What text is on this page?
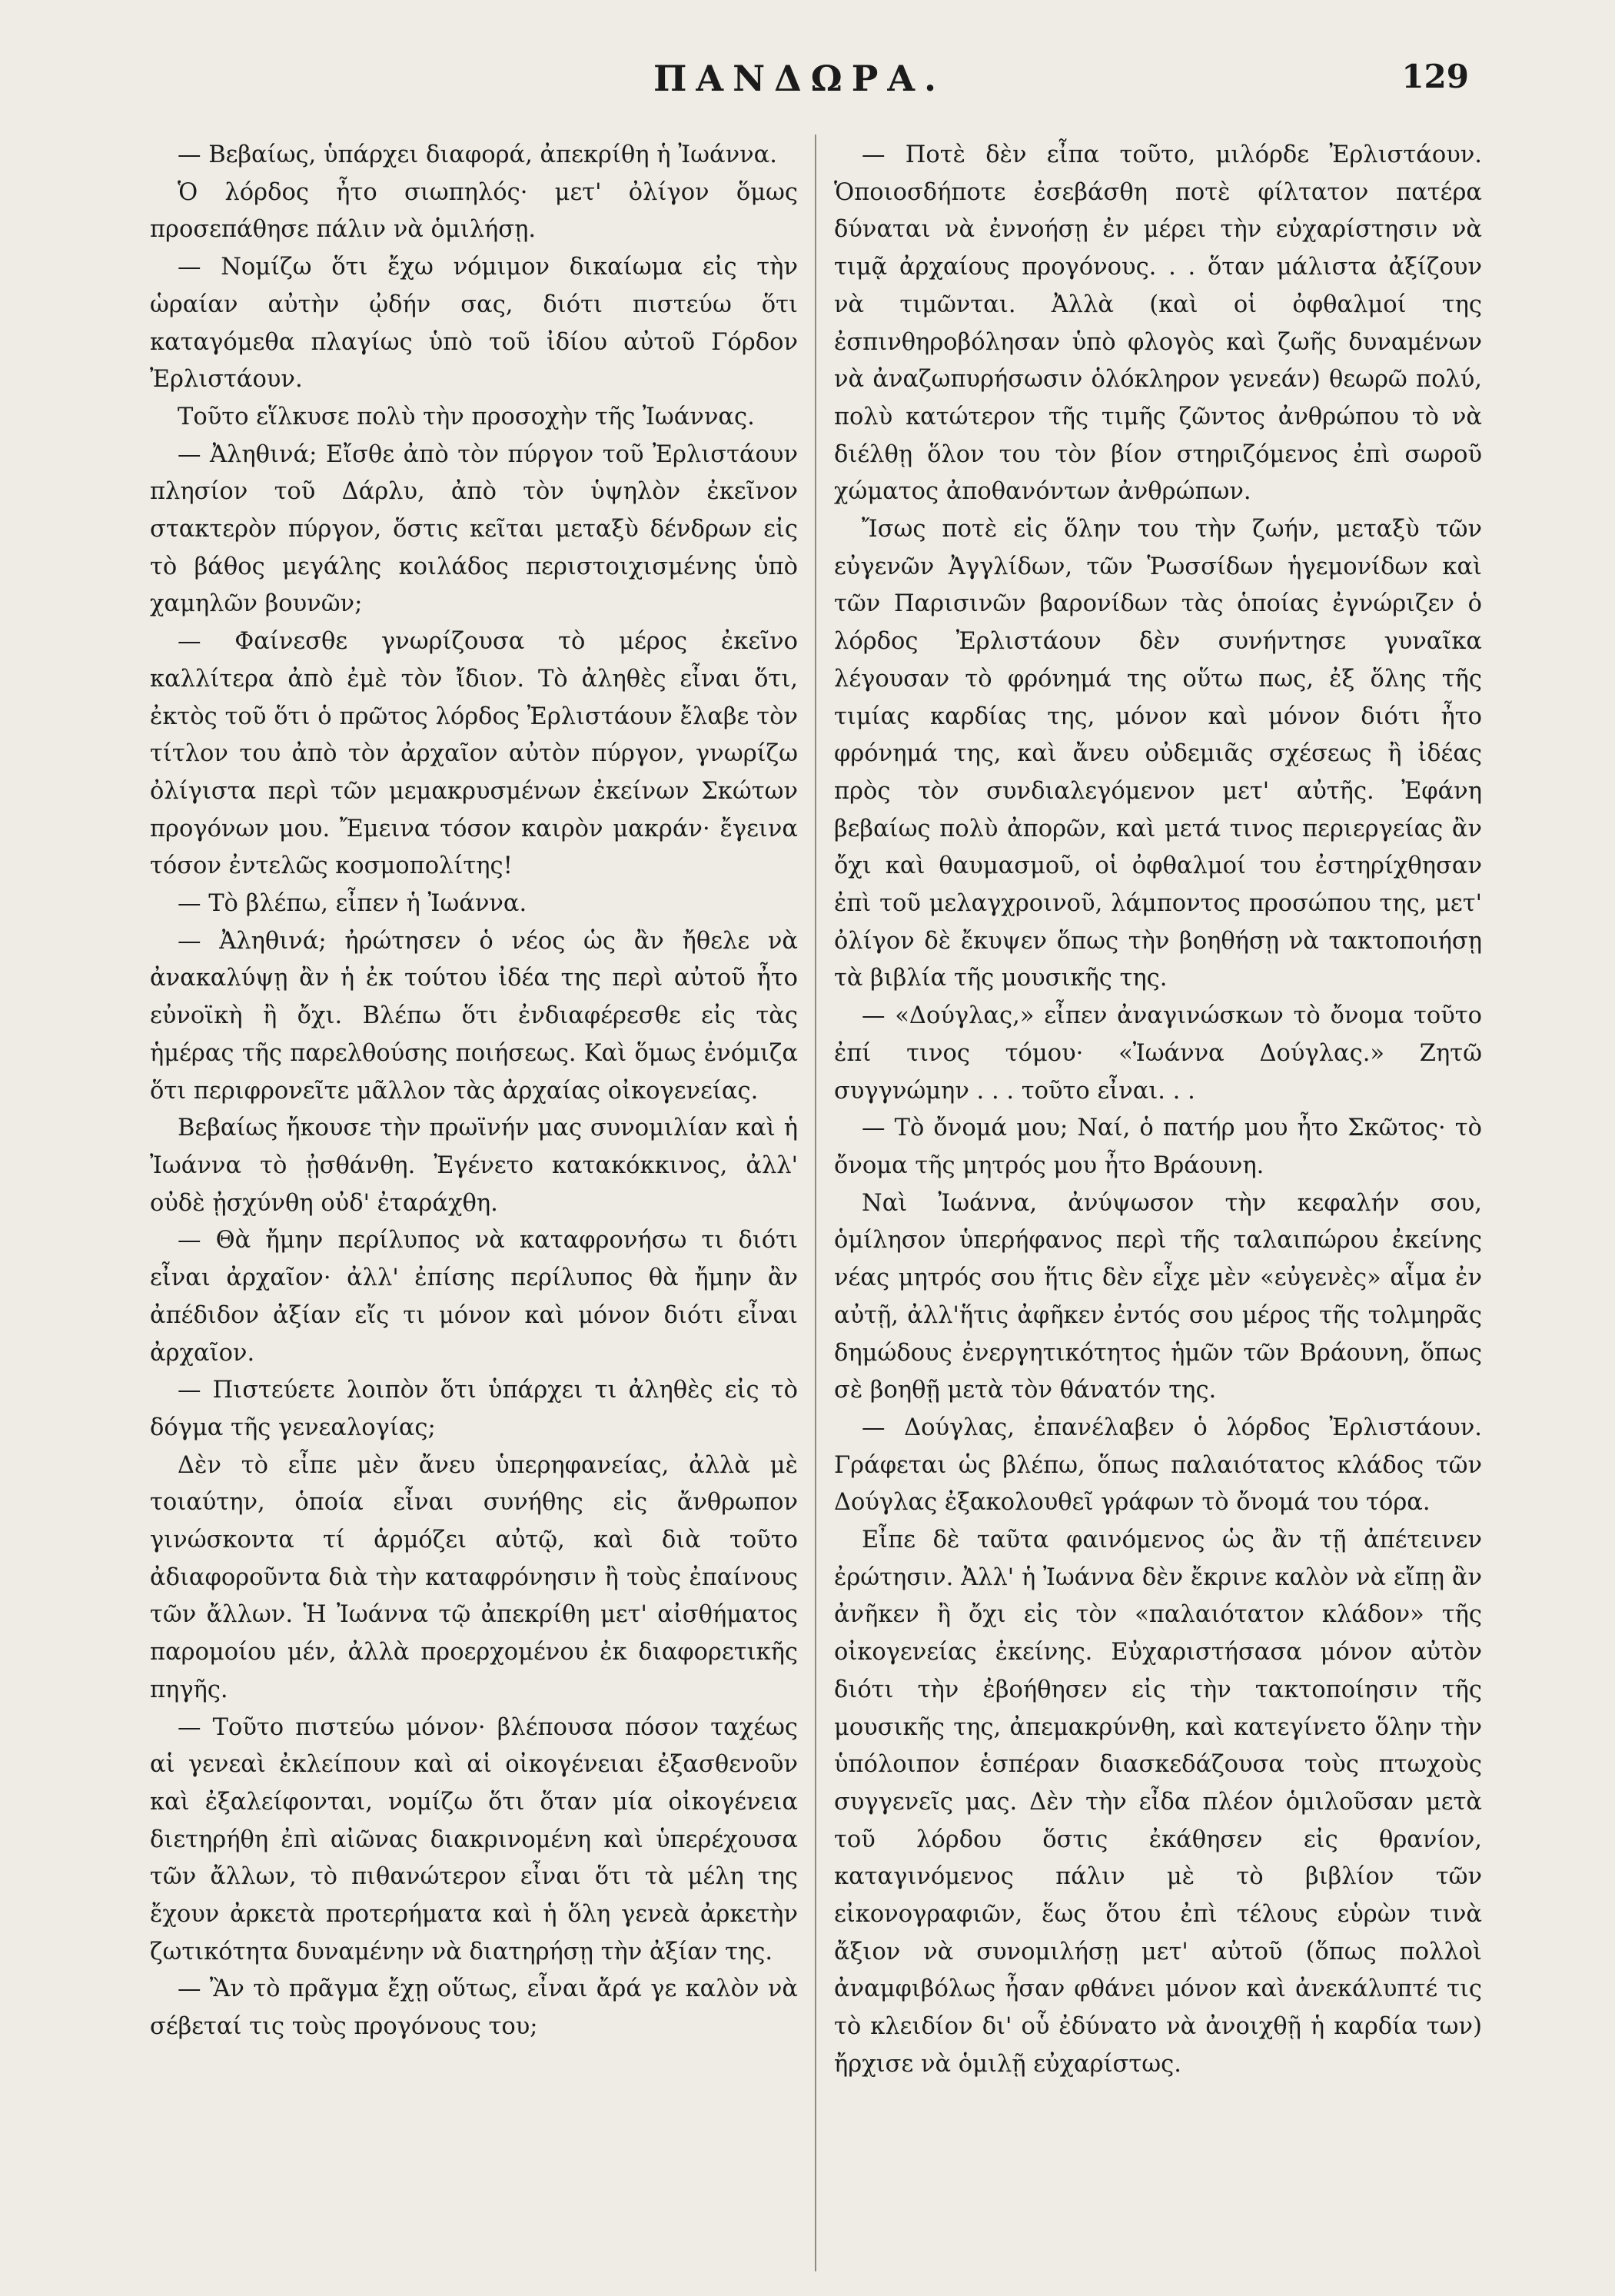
ΠΑΝΔΩΡΑ.	129

— Βεβαίως, ὑπάρχει διαφορά, ἀπεκρίθη ἡ Ἰωάννα.

Ὁ λόρδος ἦτο σιωπηλός· μετ' ὀλίγον ὅμως προσεπάθησε πάλιν νὰ ὁμιλήσῃ.

— Νομίζω ὅτι ἔχω νόμιμον δικαίωμα εἰς τὴν ὡραίαν αὐτὴν ᾠδήν σας, διότι πιστεύω ὅτι καταγόμεθα πλαγίως ὑπὸ τοῦ ἰδίου αὐτοῦ Γόρδον Ἐρλιστάουν.

Τοῦτο εἵλκυσε πολὺ τὴν προσοχὴν τῆς Ἰωάννας.

— Ἀληθινά; Εἴσθε ἀπὸ τὸν πύργον τοῦ Ἐρλιστάουν πλησίον τοῦ Δάρλυ, ἀπὸ τὸν ὑψηλὸν ἐκεῖνον στακτερὸν πύργον, ὅστις κεῖται μεταξὺ δένδρων εἰς τὸ βάθος μεγάλης κοιλάδος περιστοιχισμένης ὑπὸ χαμηλῶν βουνῶν;

— Φαίνεσθε γνωρίζουσα τὸ μέρος ἐκεῖνο καλλίτερα ἀπὸ ἐμὲ τὸν ἴδιον. Τὸ ἀληθὲς εἶναι ὅτι, ἐκτὸς τοῦ ὅτι ὁ πρῶτος λόρδος Ἐρλιστάουν ἔλαβε τὸν τίτλον του ἀπὸ τὸν ἀρχαῖον αὐτὸν πύργον, γνωρίζω ὀλίγιστα περὶ τῶν μεμακρυσμένων ἐκείνων Σκώτων προγόνων μου. Ἔμεινα τόσον καιρὸν μακράν· ἔγεινα τόσον ἐντελῶς κοσμοπολίτης!

— Τὸ βλέπω, εἶπεν ἡ Ἰωάννα.

— Ἀληθινά; ἠρώτησεν ὁ νέος ὡς ἂν ἤθελε νὰ ἀνακαλύψῃ ἂν ἡ ἐκ τούτου ἰδέα της περὶ αὐτοῦ ἦτο εὐνοϊκὴ ἢ ὄχι. Βλέπω ὅτι ἐνδιαφέρεσθε εἰς τὰς ἡμέρας τῆς παρελθούσης ποιήσεως. Καὶ ὅμως ἐνόμιζα ὅτι περιφρονεῖτε μᾶλλον τὰς ἀρχαίας οἰκογενείας.

Βεβαίως ἤκουσε τὴν πρωϊνήν μας συνομιλίαν καὶ ἡ Ἰωάννα τὸ ᾐσθάνθη. Ἐγένετο κατακόκκινος, ἀλλ' οὐδὲ ᾐσχύνθη οὐδ' ἐταράχθη.

— Θὰ ἤμην περίλυπος νὰ καταφρονήσω τι διότι εἶναι ἀρχαῖον· ἀλλ' ἐπίσης περίλυπος θὰ ἤμην ἂν ἀπέδιδον ἀξίαν εἴς τι μόνον καὶ μόνον διότι εἶναι ἀρχαῖον.

— Πιστεύετε λοιπὸν ὅτι ὑπάρχει τι ἀληθὲς εἰς τὸ δόγμα τῆς γενεαλογίας;

Δὲν τὸ εἶπε μὲν ἄνευ ὑπερηφανείας, ἀλλὰ μὲ τοιαύτην, ὁποία εἶναι συνήθης εἰς ἄνθρωπον γινώσκοντα τί ἁρμόζει αὐτῷ, καὶ διὰ τοῦτο ἀδιαφοροῦντα διὰ τὴν καταφρόνησιν ἢ τοὺς ἐπαίνους τῶν ἄλλων. Ἡ Ἰωάννα τῷ ἀπεκρίθη μετ' αἰσθήματος παρομοίου μέν, ἀλλὰ προερχομένου ἐκ διαφορετικῆς πηγῆς.

— Τοῦτο πιστεύω μόνον· βλέπουσα πόσον ταχέως αἱ γενεαὶ ἐκλείπουν καὶ αἱ οἰκογένειαι ἐξασθενοῦν καὶ ἐξαλείφονται, νομίζω ὅτι ὅταν μία οἰκογένεια διετηρήθη ἐπὶ αἰῶνας διακρινομένη καὶ ὑπερέχουσα τῶν ἄλλων, τὸ πιθανώτερον εἶναι ὅτι τὰ μέλη της ἔχουν ἀρκετὰ προτερήματα καὶ ἡ ὅλη γενεὰ ἀρκετὴν ζωτικότητα δυναμένην νὰ διατηρήσῃ τὴν ἀξίαν της.

— Ἂν τὸ πρᾶγμα ἔχῃ οὕτως, εἶναι ἄρά γε καλὸν νὰ σέβεταί τις τοὺς προγόνους του;

— Ποτὲ δὲν εἶπα τοῦτο, μιλόρδε Ἐρλιστάουν. Ὁποιοσδήποτε ἐσεβάσθη ποτὲ φίλτατον πατέρα δύναται νὰ ἐννοήσῃ ἐν μέρει τὴν εὐχαρίστησιν νὰ τιμᾷ ἀρχαίους προγόνους. . . ὅταν μάλιστα ἀξίζουν νὰ τιμῶνται. Ἀλλὰ (καὶ οἱ ὀφθαλμοί της ἐσπινθηροβόλησαν ὑπὸ φλογὸς καὶ ζωῆς δυναμένων νὰ ἀναζωπυρήσωσιν ὁλόκληρον γενεάν) θεωρῶ πολύ, πολὺ κατώτερον τῆς τιμῆς ζῶντος ἀνθρώπου τὸ νὰ διέλθῃ ὅλον του τὸν βίον στηριζόμενος ἐπὶ σωροῦ χώματος ἀποθανόντων ἀνθρώπων.

Ἴσως ποτὲ εἰς ὅλην του τὴν ζωήν, μεταξὺ τῶν εὐγενῶν Ἀγγλίδων, τῶν Ῥωσσίδων ἡγεμονίδων καὶ τῶν Παρισινῶν βαρονίδων τὰς ὁποίας ἐγνώριζεν ὁ λόρδος Ἐρλιστάουν δὲν συνήντησε γυναῖκα λέγουσαν τὸ φρόνημά της οὕτω πως, ἐξ ὅλης τῆς τιμίας καρδίας της, μόνον καὶ μόνον διότι ἦτο φρόνημά της, καὶ ἄνευ οὐδεμιᾶς σχέσεως ἢ ἰδέας πρὸς τὸν συνδιαλεγόμενον μετ' αὐτῆς. Ἐφάνη βεβαίως πολὺ ἀπορῶν, καὶ μετά τινος περιεργείας ἂν ὄχι καὶ θαυμασμοῦ, οἱ ὀφθαλμοί του ἐστηρίχθησαν ἐπὶ τοῦ μελαγχροινοῦ, λάμποντος προσώπου της, μετ' ὀλίγον δὲ ἔκυψεν ὅπως τὴν βοηθήσῃ νὰ τακτοποιήσῃ τὰ βιβλία τῆς μουσικῆς της.

— «Δούγλας,» εἶπεν ἀναγινώσκων τὸ ὄνομα τοῦτο ἐπί τινος τόμου· «Ἰωάννα Δούγλας.» Ζητῶ συγγνώμην . . . τοῦτο εἶναι. . .

— Τὸ ὄνομά μου; Ναί, ὁ πατήρ μου ἦτο Σκῶτος· τὸ ὄνομα τῆς μητρός μου ἦτο Βράουνη.

Ναὶ Ἰωάννα, ἀνύψωσον τὴν κεφαλήν σου, ὁμίλησον ὑπερήφανος περὶ τῆς ταλαιπώρου ἐκείνης νέας μητρός σου ἥτις δὲν εἶχε μὲν «εὐγενὲς» αἷμα ἐν αὐτῇ, ἀλλ'ἥτις ἀφῆκεν ἐντός σου μέρος τῆς τολμηρᾶς δημώδους ἐνεργητικότητος ἡμῶν τῶν Βράουνη, ὅπως σὲ βοηθῇ μετὰ τὸν θάνατόν της.

— Δούγλας, ἐπανέλαβεν ὁ λόρδος Ἐρλιστάουν. Γράφεται ὡς βλέπω, ὅπως παλαιότατος κλάδος τῶν Δούγλας ἐξακολουθεῖ γράφων τὸ ὄνομά του τόρα.

Εἶπε δὲ ταῦτα φαινόμενος ὡς ἂν τῇ ἀπέτεινεν ἐρώτησιν. Ἀλλ' ἡ Ἰωάννα δὲν ἔκρινε καλὸν νὰ εἴπῃ ἂν ἀνῆκεν ἢ ὄχι εἰς τὸν «παλαιότατον κλάδον» τῆς οἰκογενείας ἐκείνης. Εὐχαριστήσασα μόνον αὐτὸν διότι τὴν ἐβοήθησεν εἰς τὴν τακτοποίησιν τῆς μουσικῆς της, ἀπεμακρύνθη, καὶ κατεγίνετο ὅλην τὴν ὑπόλοιπον ἑσπέραν διασκεδάζουσα τοὺς πτωχοὺς συγγενεῖς μας. Δὲν τὴν εἶδα πλέον ὁμιλοῦσαν μετὰ τοῦ λόρδου ὅστις ἐκάθησεν εἰς θρανίον, καταγινόμενος πάλιν μὲ τὸ βιβλίον τῶν εἰκονογραφιῶν, ἕως ὅτου ἐπὶ τέλους εὑρὼν τινὰ ἄξιον νὰ συνομιλήσῃ μετ' αὐτοῦ (ὅπως πολλοὶ ἀναμφιβόλως ἦσαν φθάνει μόνον καὶ ἀνεκάλυπτέ τις τὸ κλειδίον δι' οὗ ἐδύνατο νὰ ἀνοιχθῇ ἡ καρδία των) ἤρχισε νὰ ὁμιλῇ εὐχαρίστως.
